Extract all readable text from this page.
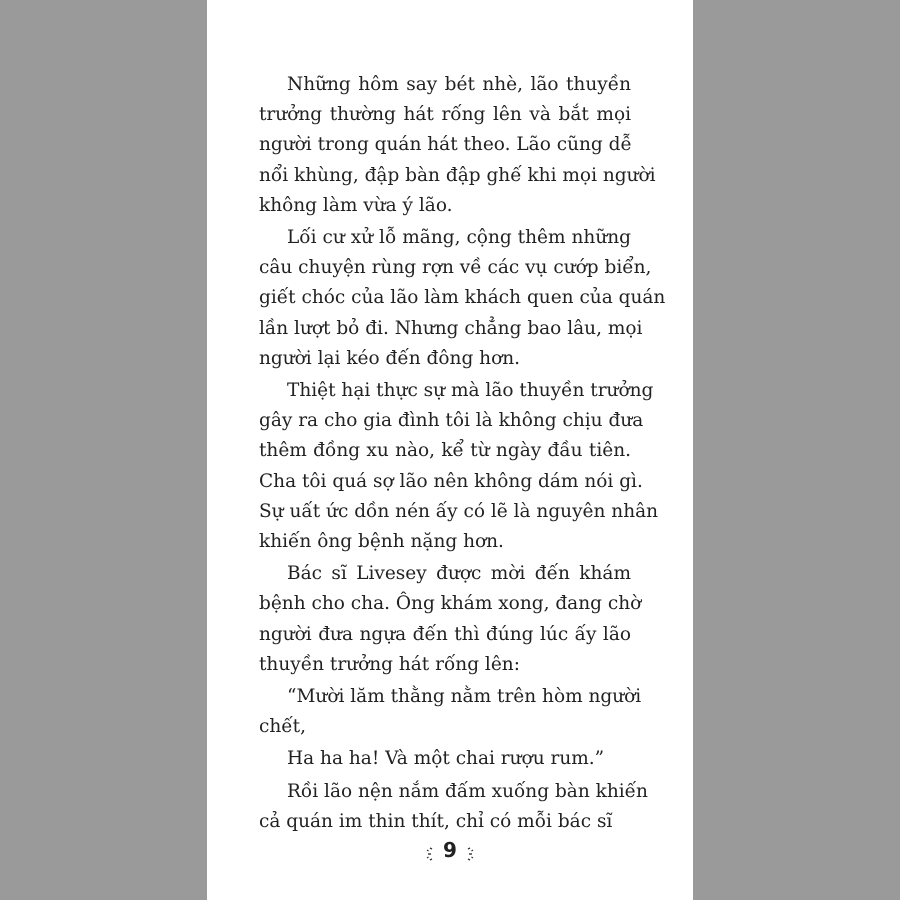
Những hôm say bét nhè, lão thuyền
trưởng thường hát rống lên và bắt mọi
người trong quán hát theo. Lão cũng dễ
nổi khùng, đập bàn đập ghế khi mọi người
không làm vừa ý lão.
Lối cư xử lỗ mãng, cộng thêm những
câu chuyện rùng rợn về các vụ cướp biển,
giết chóc của lão làm khách quen của quán
lần lượt bỏ đi. Nhưng chẳng bao lâu, mọi
người lại kéo đến đông hơn.
Thiệt hại thực sự mà lão thuyền trưởng
gây ra cho gia đình tôi là không chịu đưa
thêm đồng xu nào, kể từ ngày đầu tiên.
Cha tôi quá sợ lão nên không dám nói gì.
Sự uất ức dồn nén ấy có lẽ là nguyên nhân
khiến ông bệnh nặng hơn.
Bác sĩ Livesey được mời đến khám
bệnh cho cha. Ông khám xong, đang chờ
người đưa ngựa đến thì đúng lúc ấy lão
thuyền trưởng hát rống lên:
“Mười lăm thằng nằm trên hòm người
chết,
Ha ha ha! Và một chai rượu rum.”
Rồi lão nện nắm đấm xuống bàn khiến
cả quán im thin thít, chỉ có mỗi bác sĩ
9
